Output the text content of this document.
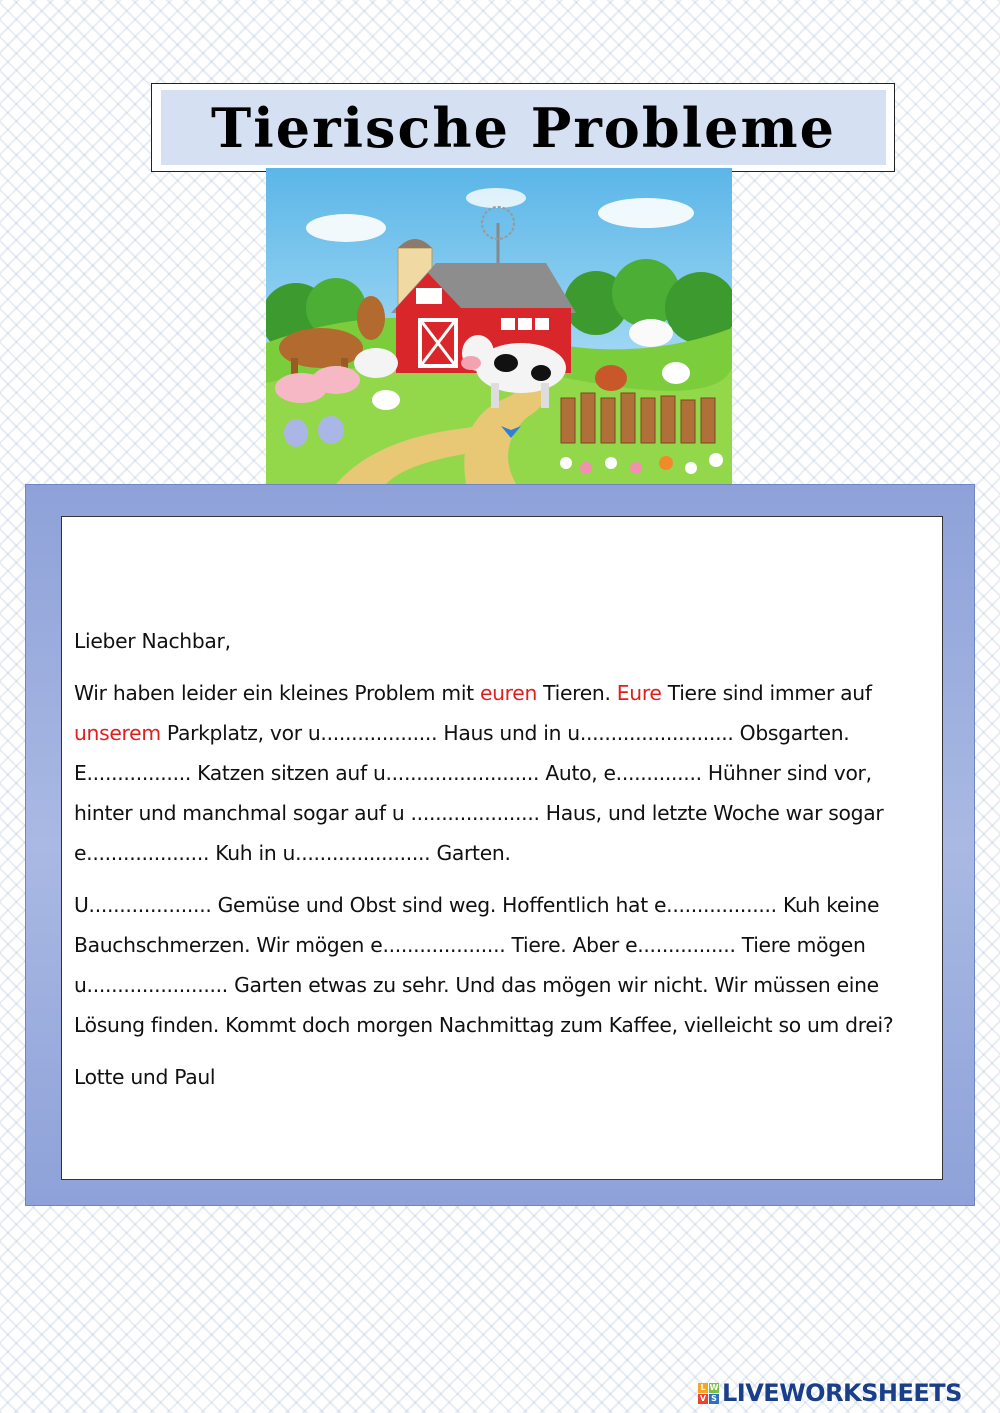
Tierische Probleme

Lieber Nachbar,

Wir haben leider ein kleines Problem mit euren Tieren. Eure Tiere sind immer auf unserem Parkplatz, vor u................... Haus und in u......................... Obsgarten. E................. Katzen sitzen auf u......................... Auto, e.............. Hühner sind vor, hinter und manchmal sogar auf u ..................... Haus, und letzte Woche war sogar e.................... Kuh in u...................... Garten.

U.................... Gemüse und Obst sind weg. Hoffentlich hat e.................. Kuh keine Bauchschmerzen. Wir mögen e.................... Tiere. Aber e................ Tiere mögen u....................... Garten etwas zu sehr. Und das mögen wir nicht. Wir müssen eine Lösung finden. Kommt doch morgen Nachmittag zum Kaffee, vielleicht so um drei?

Lotte und Paul

L W
V S LIVEWORKSHEETS
